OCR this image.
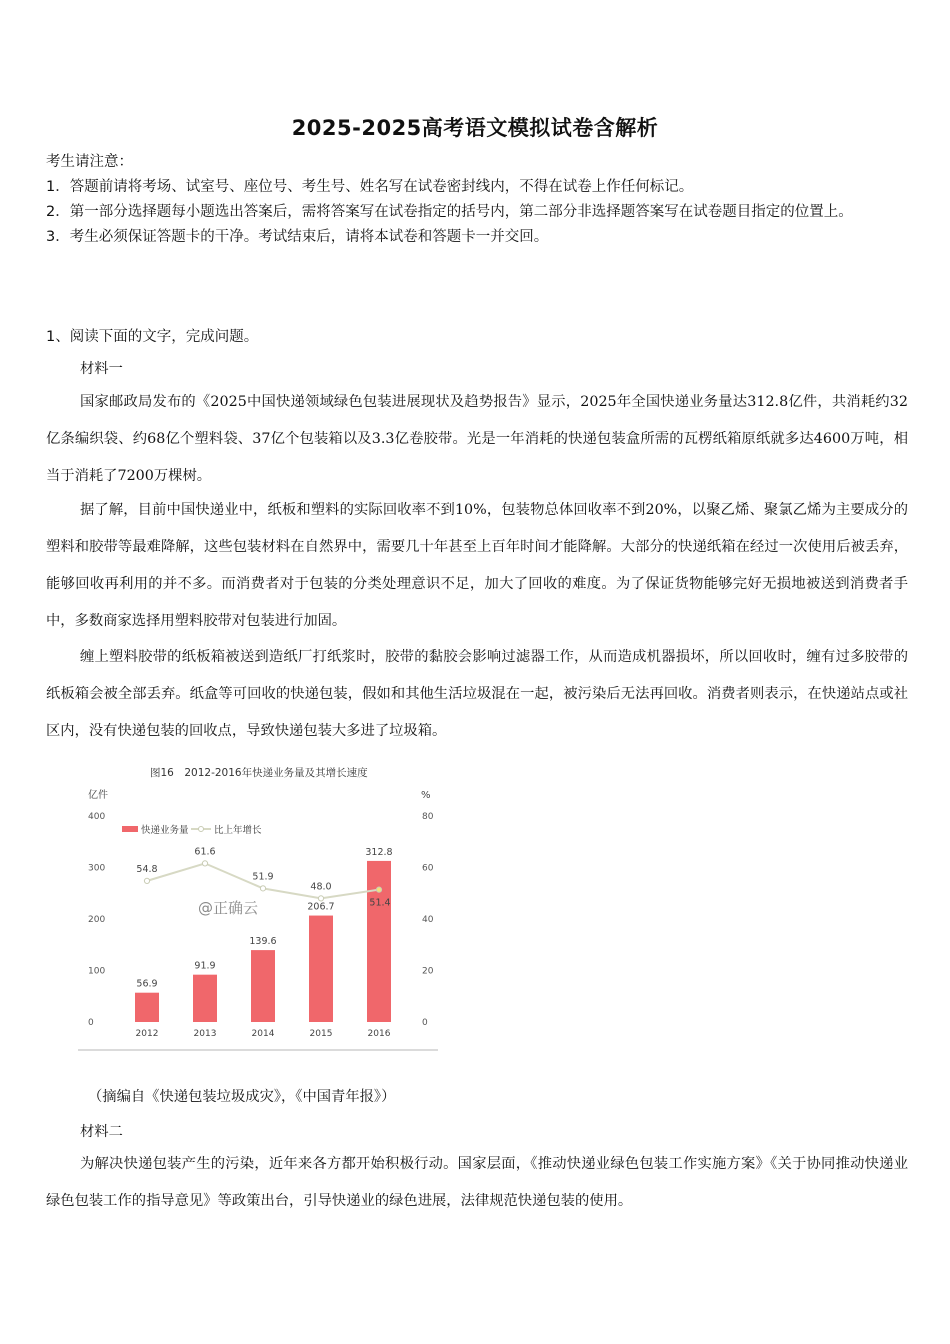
2025-2025高考语文模拟试卷含解析

考生请注意：

1．答题前请将考场、试室号、座位号、考生号、姓名写在试卷密封线内，不得在试卷上作任何标记。

2．第一部分选择题每小题选出答案后，需将答案写在试卷指定的括号内，第二部分非选择题答案写在试卷题目指定的位置上。

3．考生必须保证答题卡的干净。考试结束后，请将本试卷和答题卡一并交回。

1、阅读下面的文字，完成问题。
材料一

国家邮政局发布的《2025中国快递领域绿色包装进展现状及趋势报告》显示，2025年全国快递业务量达312.8亿件，共消耗约32亿条编织袋、约68亿个塑料袋、37亿个包装箱以及3.3亿卷胶带。光是一年消耗的快递包装盒所需的瓦楞纸箱原纸就多达4600万吨，相当于消耗了7200万棵树。

据了解，目前中国快递业中，纸板和塑料的实际回收率不到10%，包装物总体回收率不到20%，以聚乙烯、聚氯乙烯为主要成分的塑料和胶带等最难降解，这些包装材料在自然界中，需要几十年甚至上百年时间才能降解。大部分的快递纸箱在经过一次使用后被丢弃，能够回收再利用的并不多。而消费者对于包装的分类处理意识不足，加大了回收的难度。为了保证货物能够完好无损地被送到消费者手中，多数商家选择用塑料胶带对包装进行加固。

缠上塑料胶带的纸板箱被送到造纸厂打纸浆时，胶带的黏胶会影响过滤器工作，从而造成机器损坏，所以回收时，缠有过多胶带的纸板箱会被全部丢弃。纸盒等可回收的快递包装，假如和其他生活垃圾混在一起，被污染后无法再回收。消费者则表示，在快递站点或社区内，没有快递包装的回收点，导致快递包装大多进了垃圾箱。

图16　2012-2016年快递业务量及其增长速度
亿件	%
快递业务量	比上年增长
@正确云
400
300
200
100
0
80
60
40
20
0
56.9
91.9
139.6
206.7
312.8
54.8
61.6
51.9
48.0
51.4
2012	2013	2014	2015	2016
（摘编自《快递包装垃圾成灾》，《中国青年报》）
材料二

为解决快递包装产生的污染，近年来各方都开始积极行动。国家层面，《推动快递业绿色包装工作实施方案》《关于协同推动快递业绿色包装工作的指导意见》等政策出台，引导快递业的绿色进展，法律规范快递包装的使用。
